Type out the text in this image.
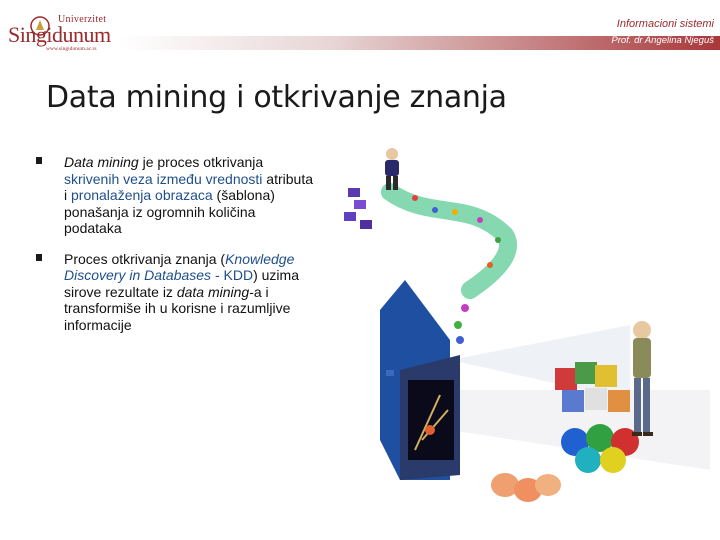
Univerzitet
Singidunum
www.singidunum.ac.rs
Informacioni sistemi
Prof. dr Angelina Njeguš
Data mining i otkrivanje znanja
Data mining je proces otkrivanja skrivenih veza između vrednosti atributa i pronalaženja obrazaca (šablona) ponašanja iz ogromnih količina podataka
Proces otkrivanja znanja (Knowledge Discovery in Databases - KDD) uzima sirove rezultate iz data mining-a i transformiše ih u korisne i razumljive informacije
